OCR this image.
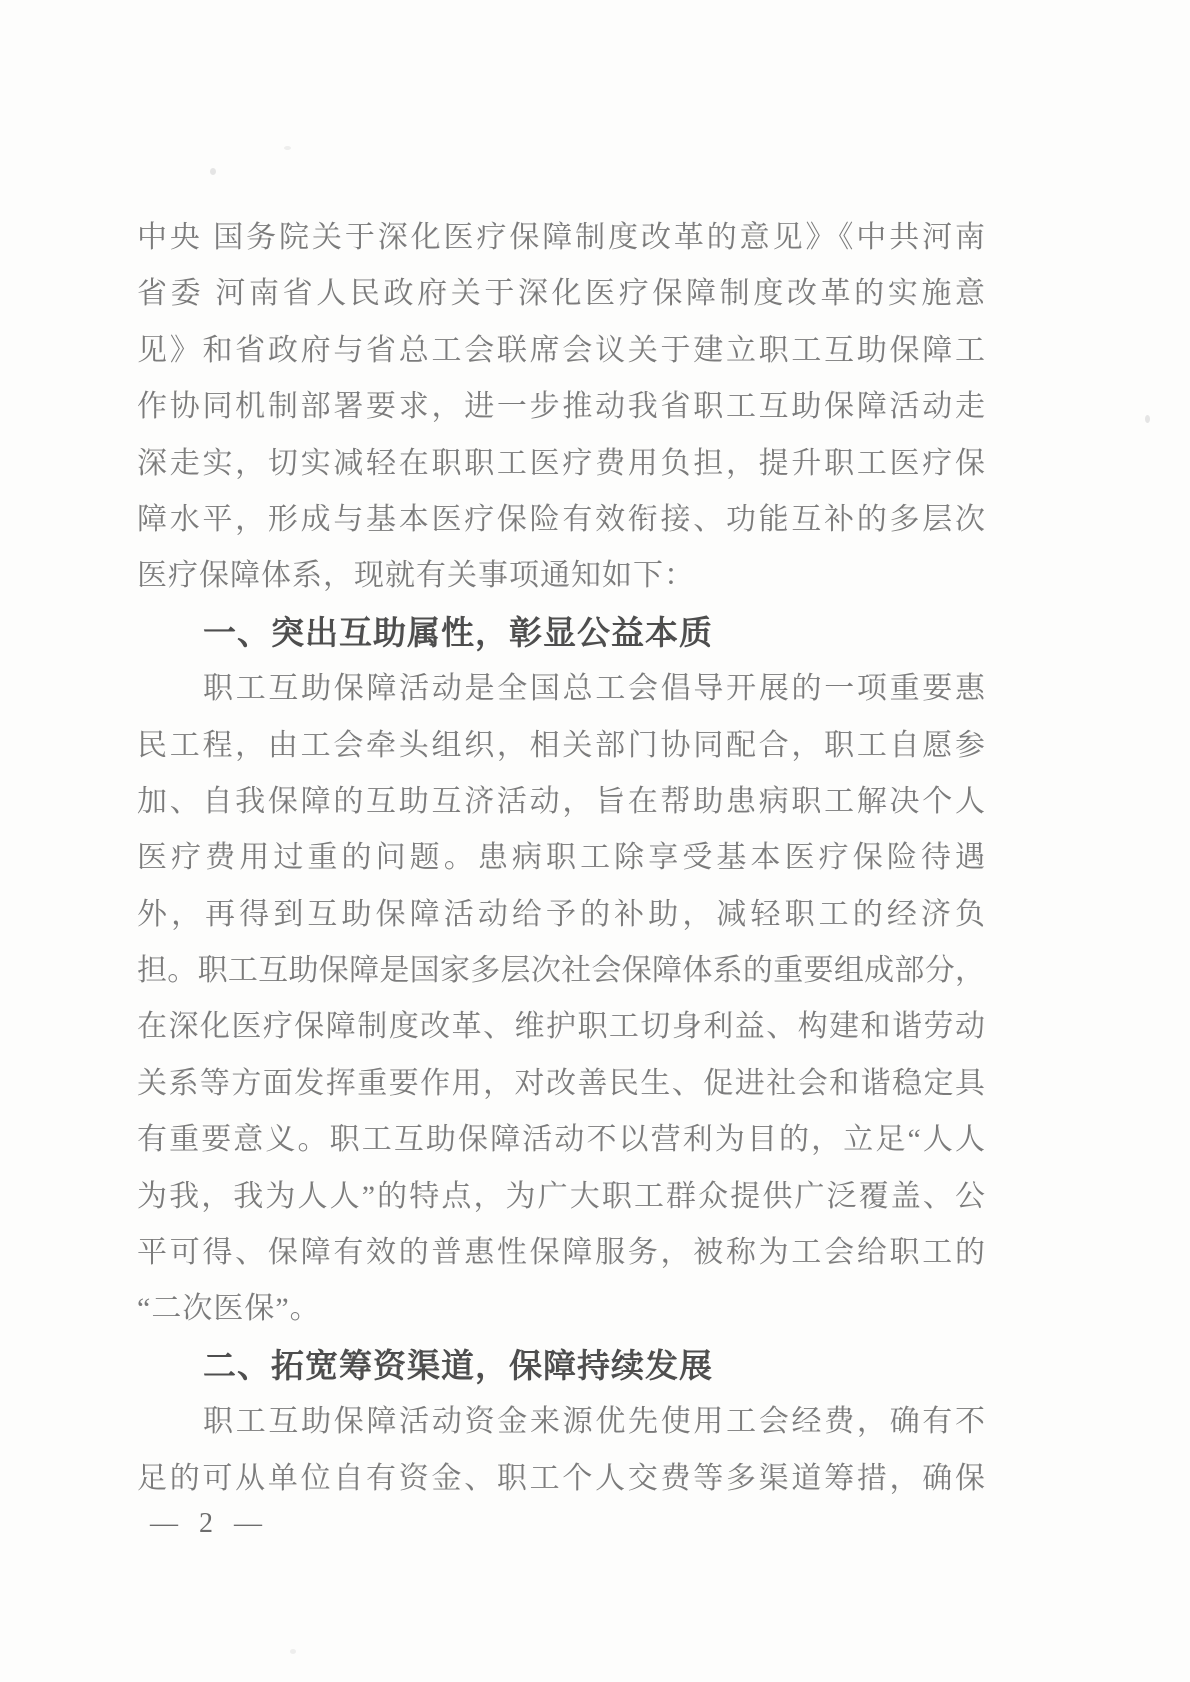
中央 国务院关于深化医疗保障制度改革的意见》《中共河南
省委 河南省人民政府关于深化医疗保障制度改革的实施意
见》和省政府与省总工会联席会议关于建立职工互助保障工
作协同机制部署要求，进一步推动我省职工互助保障活动走
深走实，切实减轻在职职工医疗费用负担，提升职工医疗保
障水平，形成与基本医疗保险有效衔接、功能互补的多层次
医疗保障体系，现就有关事项通知如下：
一、突出互助属性，彰显公益本质
职工互助保障活动是全国总工会倡导开展的一项重要惠
民工程，由工会牵头组织，相关部门协同配合，职工自愿参
加、自我保障的互助互济活动，旨在帮助患病职工解决个人
医疗费用过重的问题。患病职工除享受基本医疗保险待遇
外，再得到互助保障活动给予的补助，减轻职工的经济负
担。职工互助保障是国家多层次社会保障体系的重要组成部分，
在深化医疗保障制度改革、维护职工切身利益、构建和谐劳动
关系等方面发挥重要作用，对改善民生、促进社会和谐稳定具
有重要意义。职工互助保障活动不以营利为目的，立足“人人
为我，我为人人”的特点，为广大职工群众提供广泛覆盖、公
平可得、保障有效的普惠性保障服务，被称为工会给职工的
“二次医保”。
二、拓宽筹资渠道，保障持续发展
职工互助保障活动资金来源优先使用工会经费，确有不
足的可从单位自有资金、职工个人交费等多渠道筹措，确保
— 2 —
